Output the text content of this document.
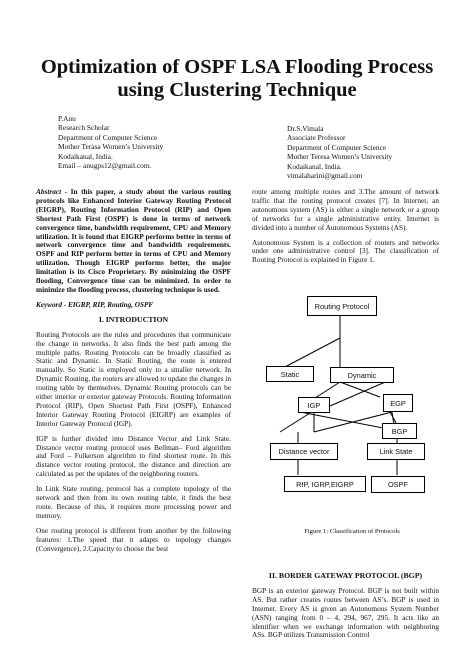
Optimization of OSPF LSA Flooding Process using Clustering Technique
P.Anu
Research Scholar
Department of Computer Science
Mother Terasa Women’s University
Kodaikanal, India.
Email – anugps12@gmail.com.
Dr.S.Vimala
Associate Professor
Department of Computer Science
Mother Teresa Women’s University
Kodaikanal, India.
vimalaharini@gmail.com

Abstract - In this paper, a study about the various routing protocols like Enhanced Interior Gateway Routing Protocol (EIGRP), Routing Information Protocol (RIP) and Open Shortest Path First (OSPF) is done in terms of network convergence time, bandwidth requirement, CPU and Memory utilization. It is found that EIGRP performs better in terms of network convergence time and bandwidth requirements. OSPF and RIP perform better in terms of CPU and Memory utilization. Though EIGRP performs better, the major limitation is its Cisco Proprietary. By minimizing the OSPF flooding, Convergence time can be minimized. In order to minimize the flooding process, clustering technique is used.

Keyword - EIGRP, RIP, Routing, OSPF

I. INTRODUCTION

Routing Protocols are the rules and procedures that communicate the change in networks. It also finds the best path among the multiple paths. Routing Protocols can be broadly classified as Static and Dynamic. In Static Routing, the route is entered manually. So Static is employed only to a smaller network. In Dynamic Routing, the routers are allowed to update the changes in routing table by themselves. Dynamic Routing protocols can be either interior or exterior gateway Protocols. Routing Information Protocol (RIP), Open Shortest Path First (OSPF), Enhanced Interior Gateway Routing Protocol (EIGRP) are examples of Interior Gateway Protocol (IGP).

IGP is further divided into Distance Vector and Link State. Distance vector routing protocol uses Bellman– Ford algorithm and Ford – Fulkerson algorithm to find shortest route. In this distance vector routing protocol, the distance and direction are calculated as per the updates of the neighboring routers.

In Link State routing, protocol has a complete topology of the network and then from its own routing table, it finds the best route. Because of this, it requires more processing power and memory.

One routing protocol is different from another by the following features: 1.The speed that it adapts to topology changes (Convergence), 2.Capacity to choose the best

route among multiple routes and 3.The amount of network traffic that the routing protocol creates [7]. In Internet, an autonomous system (AS) is either a single network or a group of networks for a single administrative entity. Internet is divided into a number of Autonomous Systems (AS).

Autonomous System is a collection of routers and networks under one administrative control [3]. The classification of Routing Protocol is explained in Figure 1.

Routing Protocol
Static	Dynamic
IGP	EGP
BGP
Distance vector	Link State
RIP, IGRP,EIGRP	OSPF
Figure 1: Classification of Protocols

II. BORDER GATEWAY PROTOCOL (BGP)

BGP is an exterior gateway Protocol. BGP is not built within AS. But rather creates routes between AS’s. BGP is used in Internet. Every AS is given an Autonomous System Number (ASN) ranging from 0 – 4, 294, 967, 295. It acts like an identifier when we exchange information with neighboring ASs. BGP utilizes Transmission Control
